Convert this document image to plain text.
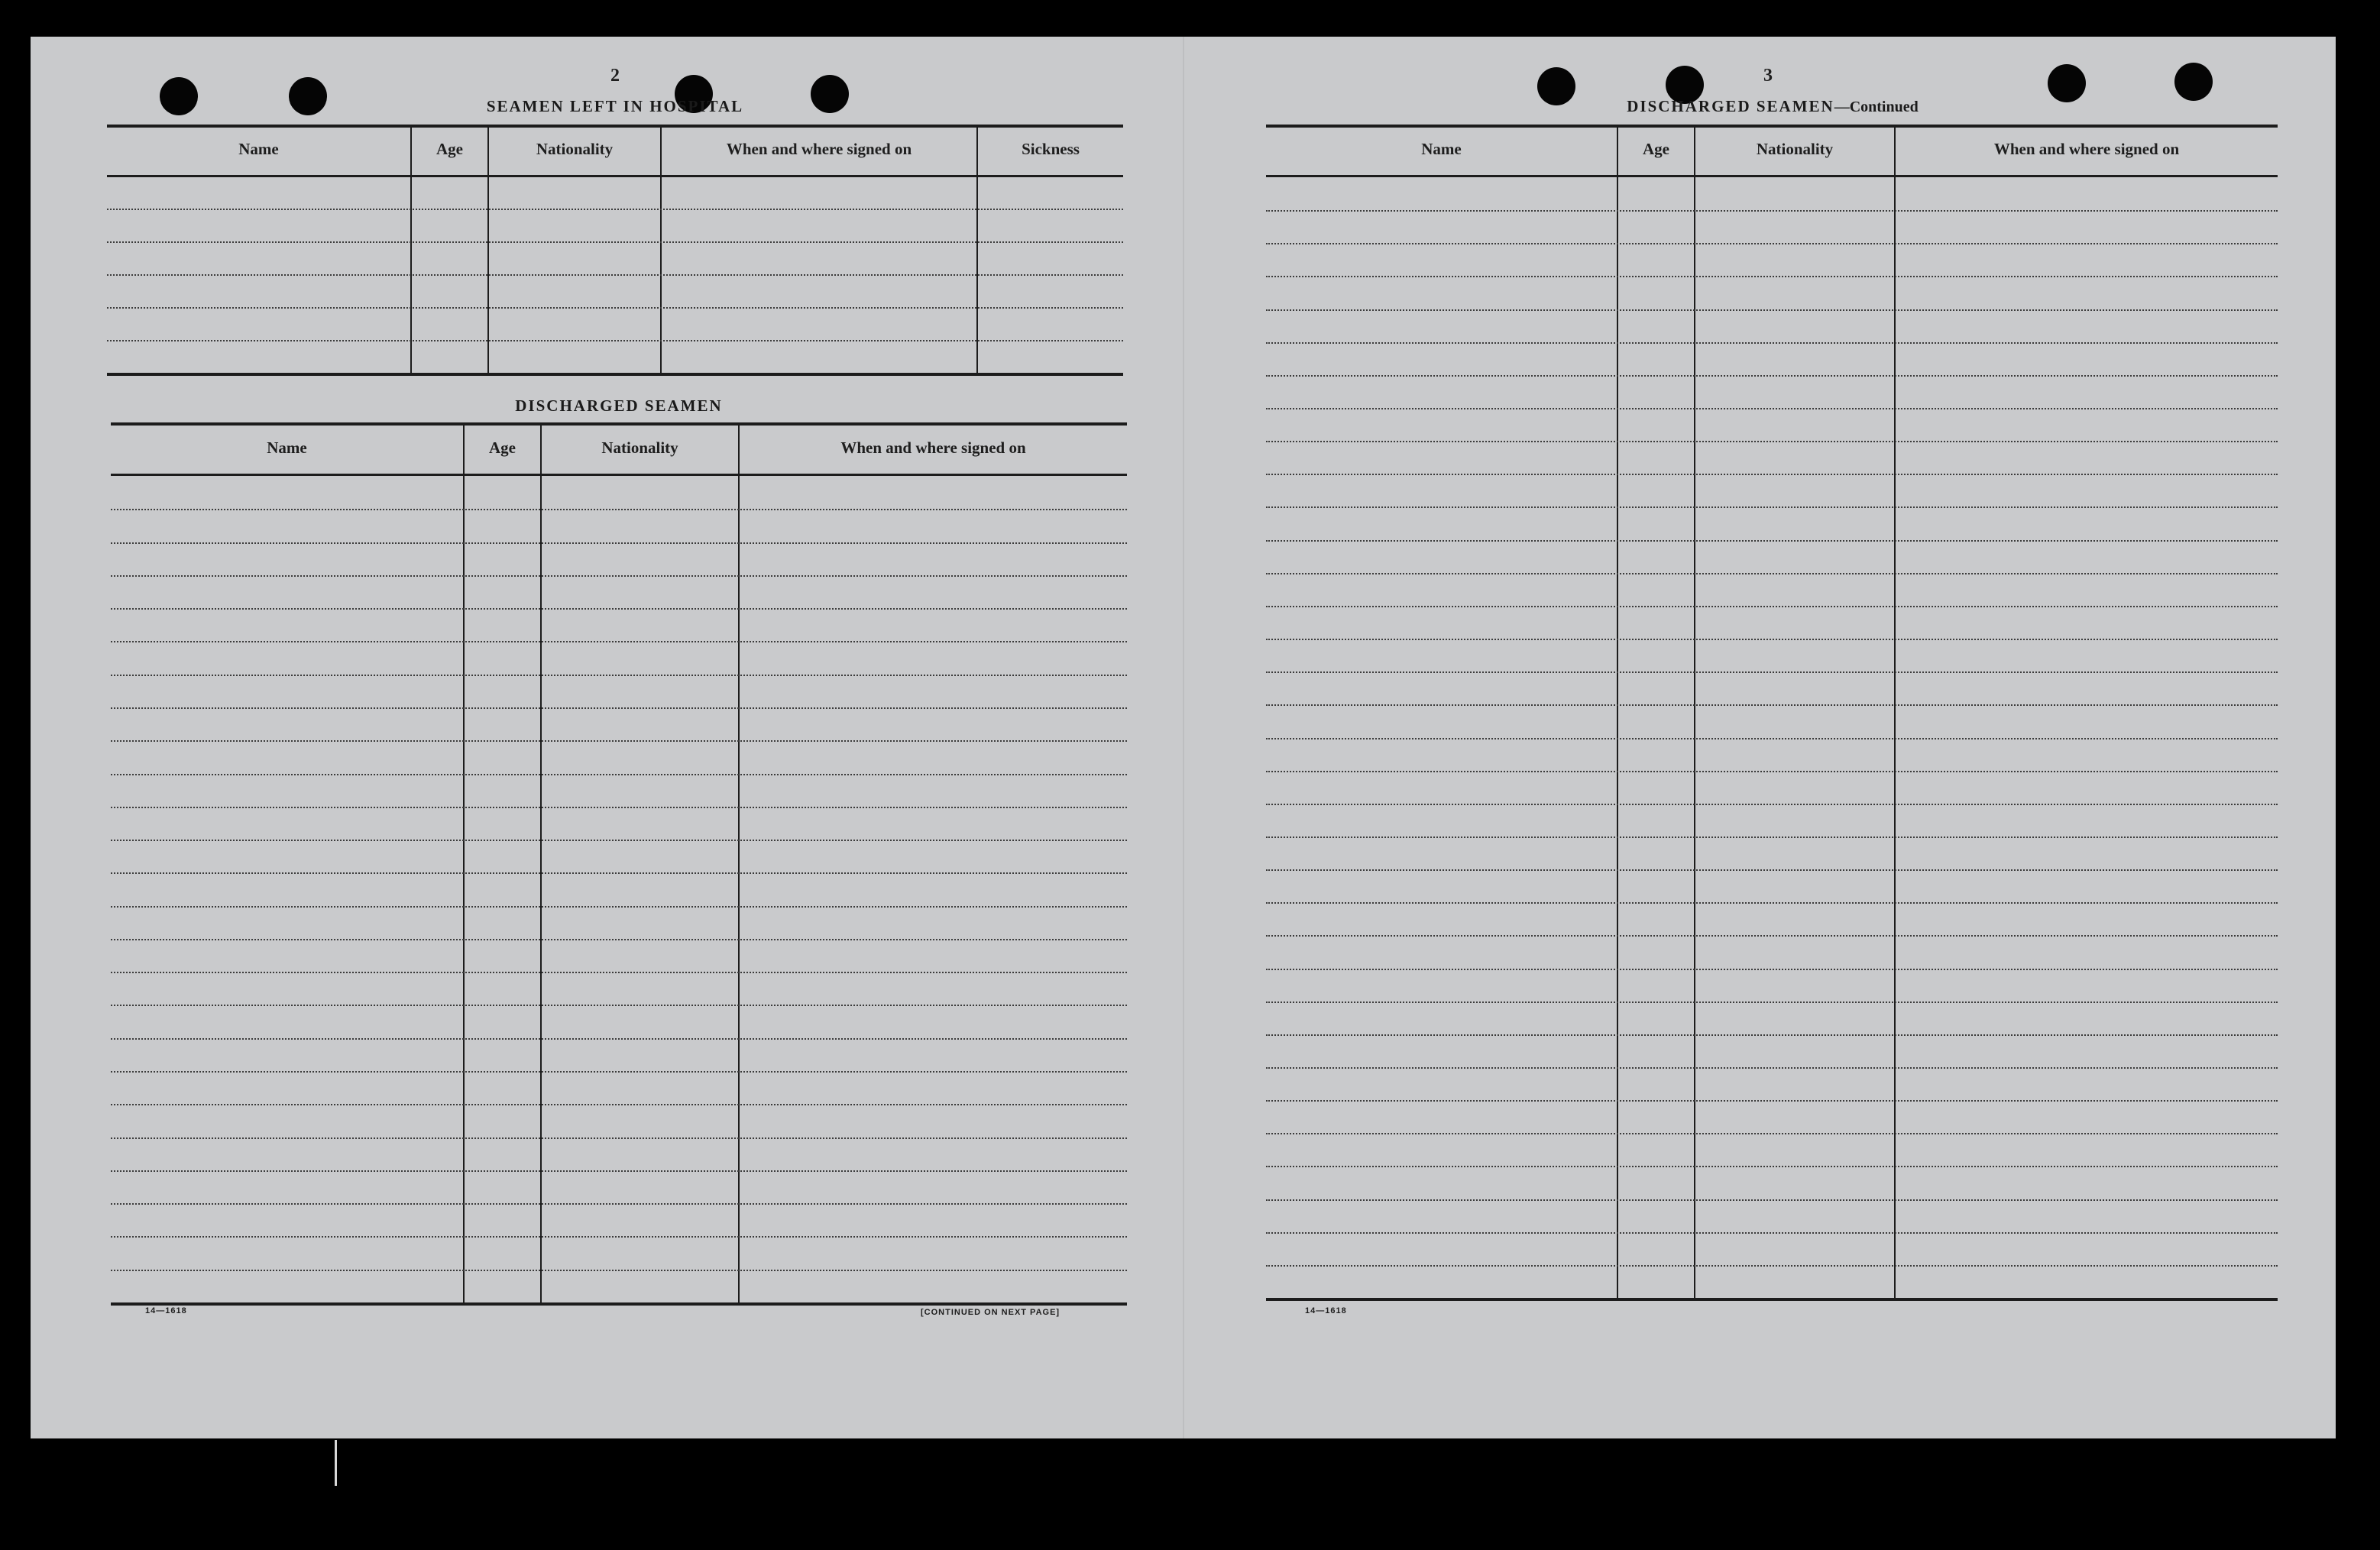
2
SEAMEN LEFT IN HOSPITAL
Name	Age	Nationality	When and where signed on	Sickness
DISCHARGED SEAMEN
Name	Age	Nationality	When and where signed on
14—1618	[CONTINUED ON NEXT PAGE]
3
DISCHARGED SEAMEN—Continued
Name	Age	Nationality	When and where signed on
14—1618
